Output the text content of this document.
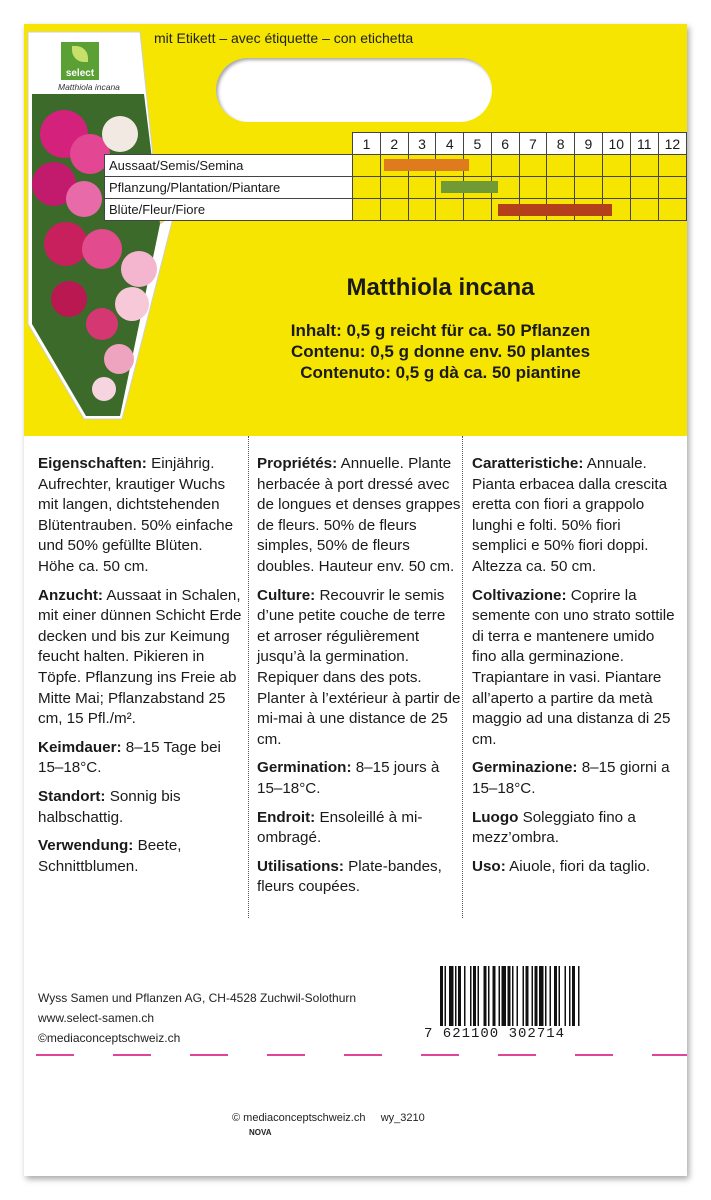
mit Etikett – avec étiquette – con etichetta
select
Matthiola incana
	1	2	3	4	5	6	7	8	9	10	11	12
Aussaat/Semis/Semina												
Pflanzung/Plantation/Piantare												
Blüte/Fleur/Fiore												
Matthiola incana
Inhalt: 0,5 g reicht für ca. 50 Pflanzen
Contenu: 0,5 g donne env. 50 plantes
Contenuto: 0,5 g dà ca. 50 piantine

Eigenschaften: Einjährig. Aufrechter, krautiger Wuchs mit langen, dichtstehenden Blütentrauben. 50% einfache und 50% gefüllte Blüten. Höhe ca. 50 cm.

Anzucht: Aussaat in Schalen, mit einer dünnen Schicht Erde decken und bis zur Keimung feucht halten. Pikieren in Töpfe. Pflanzung ins Freie ab Mitte Mai; Pflanzabstand 25 cm, 15 Pfl./m².

Keimdauer: 8–15 Tage bei 15–18°C.

Standort: Sonnig bis halbschattig.

Verwendung: Beete, Schnittblumen.

Propriétés: Annuelle. Plante herbacée à port dressé avec de longues et denses grappes de fleurs. 50% de fleurs simples, 50% de fleurs doubles. Hauteur env. 50 cm.

Culture: Recouvrir le semis d’une petite couche de terre et arroser régulièrement jusqu’à la germination. Repiquer dans des pots. Planter à l’extérieur à partir de mi-mai à une distance de 25 cm.

Germination: 8–15 jours à 15–18°C.

Endroit: Ensoleillé à mi-ombragé.

Utilisations: Plate-bandes, fleurs coupées.

Caratteristiche: Annuale. Pianta erbacea dalla crescita eretta con fiori a grappolo lunghi e folti. 50% fiori semplici e 50% fiori doppi. Altezza ca. 50 cm.

Coltivazione: Coprire la semente con uno strato sottile di terra e mantenere umido fino alla germinazione. Trapiantare in vasi. Piantare all’aperto a partire da metà maggio ad una distanza di 25 cm.

Germinazione: 8–15 giorni a 15–18°C.

Luogo Soleggiato fino a mezz’ombra.

Uso: Aiuole, fiori da taglio.

Wyss Samen und Pflanzen AG, CH-4528 Zuchwil-Solothurn
www.select-samen.ch
©mediaconceptschweiz.ch	7 621100 302714
© mediaconceptschweiz.ch wy_3210
NOVA
